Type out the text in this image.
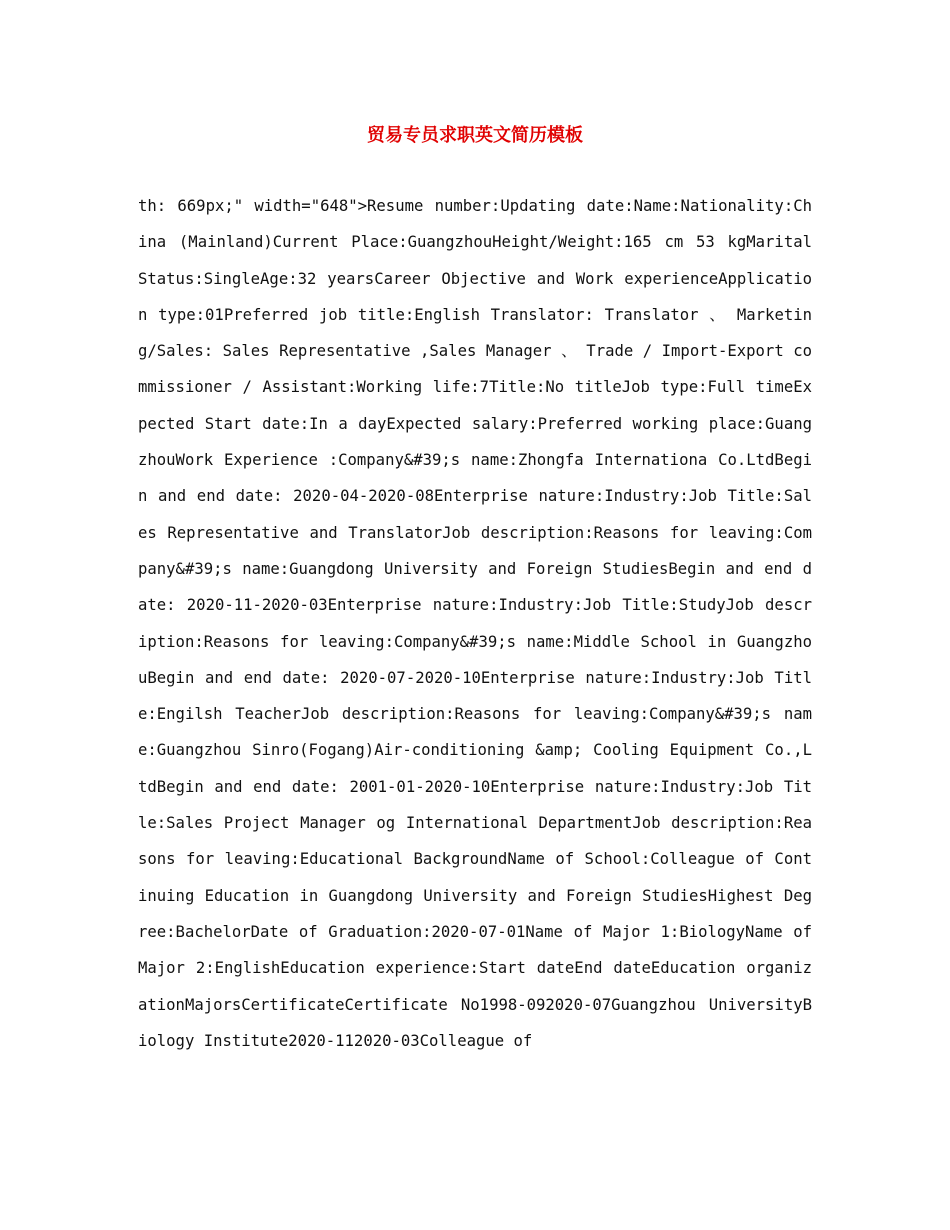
贸易专员求职英文简历模板

th: 669px;" width="648">Resume number:Updating date:Name:Nationality:China (Mainland)Current Place:GuangzhouHeight/Weight:165 cm 53 kgMarital Status:SingleAge:32 yearsCareer Objective and Work experienceApplication type:01Preferred job title:English Translator: Translator 、 Marketing/Sales: Sales Representative ,Sales Manager 、 Trade / Import-Export commissioner / Assistant:Working life:7Title:No titleJob type:Full timeExpected Start date:In a dayExpected salary:Preferred working place:GuangzhouWork Experience :Company&#39;s name:Zhongfa Internationa Co.LtdBegin and end date: 2020-04-2020-08Enterprise nature:Industry:Job Title:Sales Representative and TranslatorJob description:Reasons for leaving:Company&#39;s name:Guangdong University and Foreign StudiesBegin and end date: 2020-11-2020-03Enterprise nature:Industry:Job Title:StudyJob description:Reasons for leaving:Company&#39;s name:Middle School in GuangzhouBegin and end date: 2020-07-2020-10Enterprise nature:Industry:Job Title:Engilsh TeacherJob description:Reasons for leaving:Company&#39;s name:Guangzhou Sinro(Fogang)Air-conditioning &amp; Cooling Equipment Co.,LtdBegin and end date: 2001-01-2020-10Enterprise nature:Industry:Job Title:Sales Project Manager og International DepartmentJob description:Reasons for leaving:Educational BackgroundName of School:Colleague of Continuing Education in Guangdong University and Foreign StudiesHighest Degree:BachelorDate of Graduation:2020-07-01Name of Major 1:BiologyName of Major 2:EnglishEducation experience:Start dateEnd dateEducation organizationMajorsCertificateCertificate No1998-092020-07Guangzhou UniversityBiology Institute2020-112020-03Colleague of
